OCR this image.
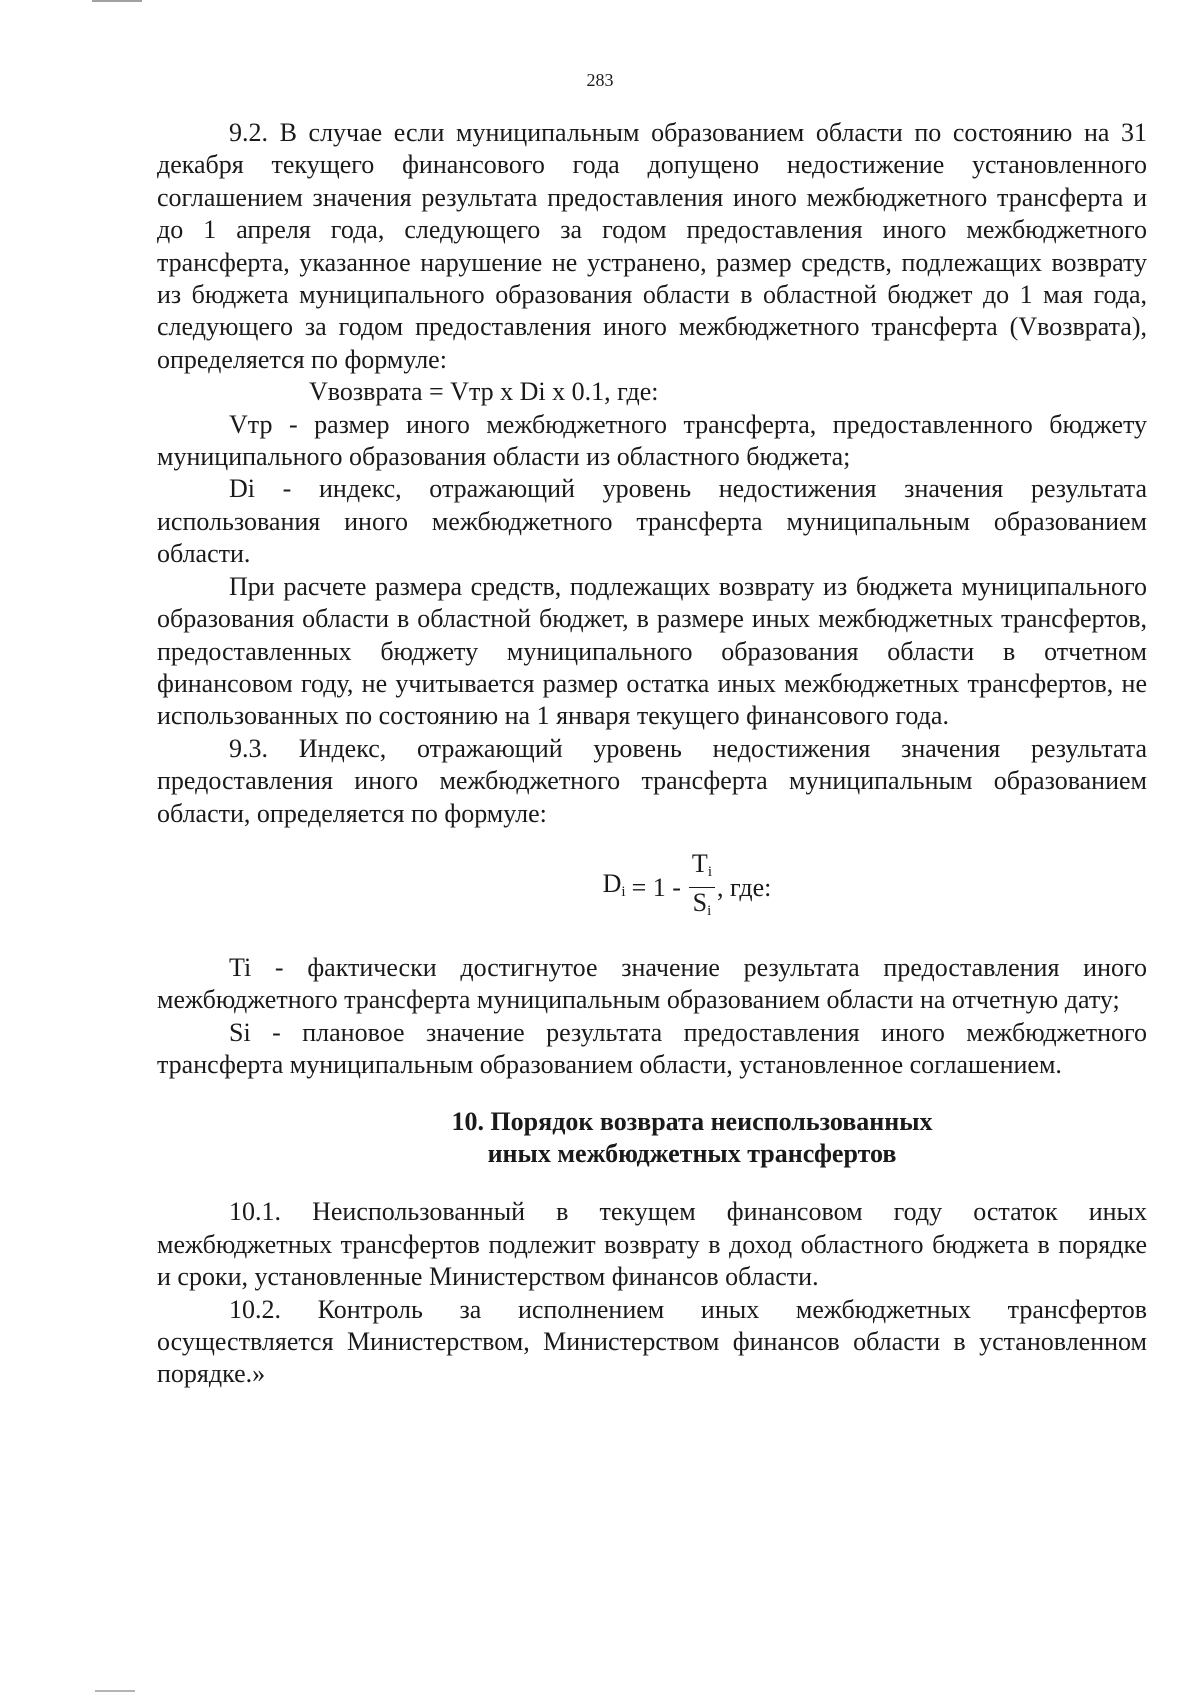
283

9.2. В случае если муниципальным образованием области по состоянию на 31 декабря текущего финансового года допущено недостижение установленного соглашением значения результата предоставления иного межбюджетного трансферта и до 1 апреля года, следующего за годом предоставления иного межбюджетного трансферта, указанное нарушение не устранено, размер средств, подлежащих возврату из бюджета муниципального образования области в областной бюджет до 1 мая года, следующего за годом предоставления иного межбюджетного трансферта (Vвозврата), определяется по формуле:

Vвозврата = Vтр x Di x 0.1, где:

Vтр - размер иного межбюджетного трансферта, предоставленного бюджету муниципального образования области из областного бюджета;

Di - индекс, отражающий уровень недостижения значения результата использования иного межбюджетного трансферта муниципальным образованием области.

При расчете размера средств, подлежащих возврату из бюджета муниципального образования области в областной бюджет, в размере иных межбюджетных трансфертов, предоставленных бюджету муниципального образования области в отчетном финансовом году, не учитывается размер остатка иных межбюджетных трансфертов, не использованных по состоянию на 1 января текущего финансового года.

9.3. Индекс, отражающий уровень недостижения значения результата предоставления иного межбюджетного трансферта муниципальным образованием области, определяется по формуле:

$D_i = 1 - \frac{T_i}{S_i}$ , где:

Ti - фактически достигнутое значение результата предоставления иного межбюджетного трансферта муниципальным образованием области на отчетную дату;

Si - плановое значение результата предоставления иного межбюджетного трансферта муниципальным образованием области, установленное соглашением.

10. Порядок возврата неиспользованных
иных межбюджетных трансфертов

10.1. Неиспользованный в текущем финансовом году остаток иных межбюджетных трансфертов подлежит возврату в доход областного бюджета в порядке и сроки, установленные Министерством финансов области.

10.2. Контроль за исполнением иных межбюджетных трансфертов осуществляется Министерством, Министерством финансов области в установленном порядке.»
